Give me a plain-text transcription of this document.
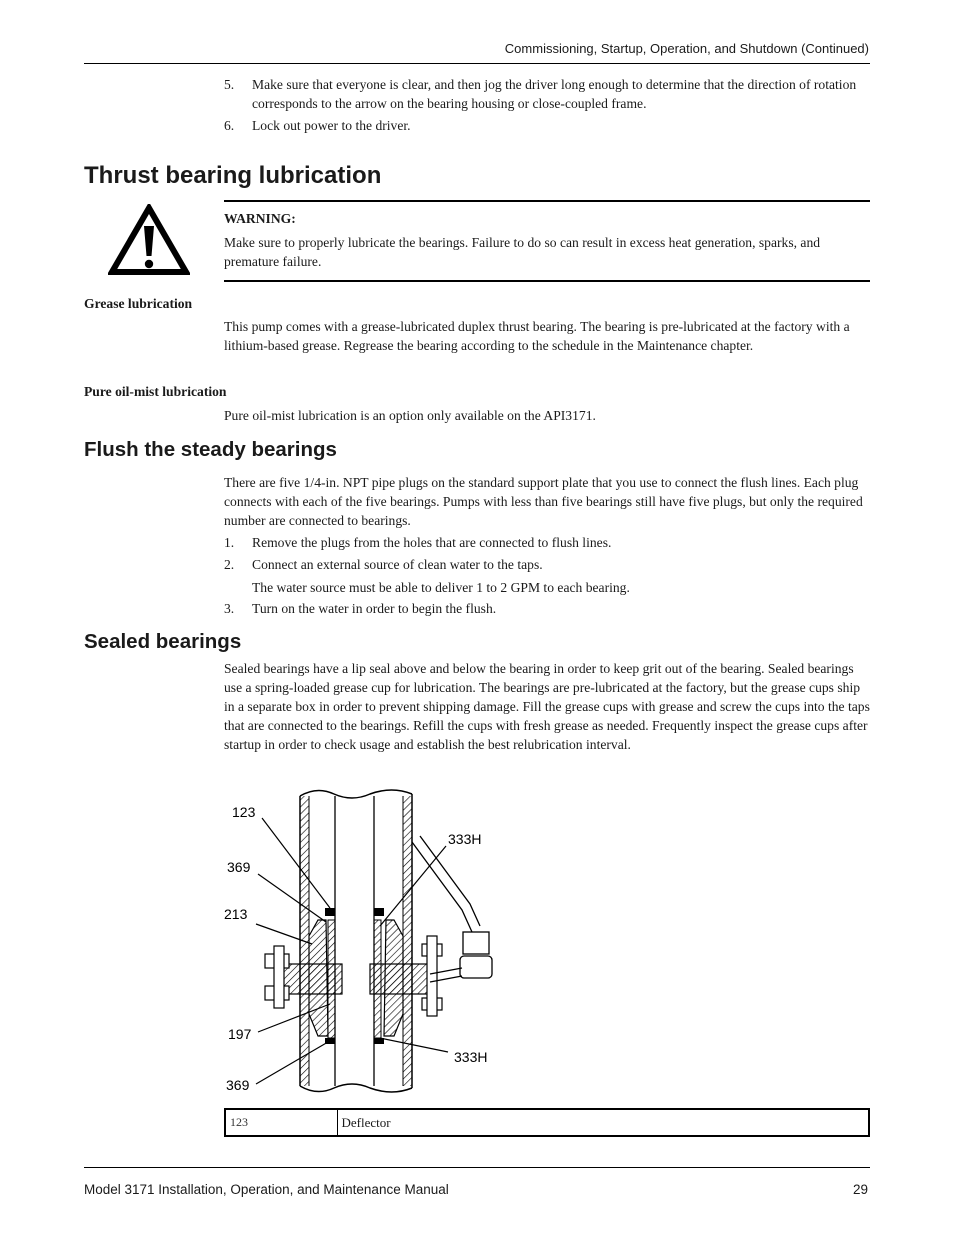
Commissioning, Startup, Operation, and Shutdown (Continued)
5. Make sure that everyone is clear, and then jog the driver long enough to determine that the direction of rotation corresponds to the arrow on the bearing housing or close-coupled frame.
6. Lock out power to the driver.
Thrust bearing lubrication
WARNING:
Make sure to properly lubricate the bearings. Failure to do so can result in excess heat generation, sparks, and premature failure.
Grease lubrication
This pump comes with a grease-lubricated duplex thrust bearing. The bearing is pre-lubricated at the factory with a lithium-based grease. Regrease the bearing according to the schedule in the Maintenance chapter.
Pure oil-mist lubrication
Pure oil-mist lubrication is an option only available on the API3171.
Flush the steady bearings
There are five 1/4-in. NPT pipe plugs on the standard support plate that you use to connect the flush lines. Each plug connects with each of the five bearings. Pumps with less than five bearings still have five plugs, but only the required number are connected to bearings.
1. Remove the plugs from the holes that are connected to flush lines.
2. Connect an external source of clean water to the taps.
The water source must be able to deliver 1 to 2 GPM to each bearing.
3. Turn on the water in order to begin the flush.
Sealed bearings
Sealed bearings have a lip seal above and below the bearing in order to keep grit out of the bearing. Sealed bearings use a spring-loaded grease cup for lubrication. The bearings are pre-lubricated at the factory, but the grease cups ship in a separate box in order to prevent shipping damage. Fill the grease cups with grease and screw the cups into the taps that are connected to the bearings. Refill the cups with fresh grease as needed. Frequently inspect the grease cups after startup in order to check usage and establish the best relubrication interval.
123
369
213
197
369
333H
333H
123	Deflector
Model 3171 Installation, Operation, and Maintenance Manual	29
